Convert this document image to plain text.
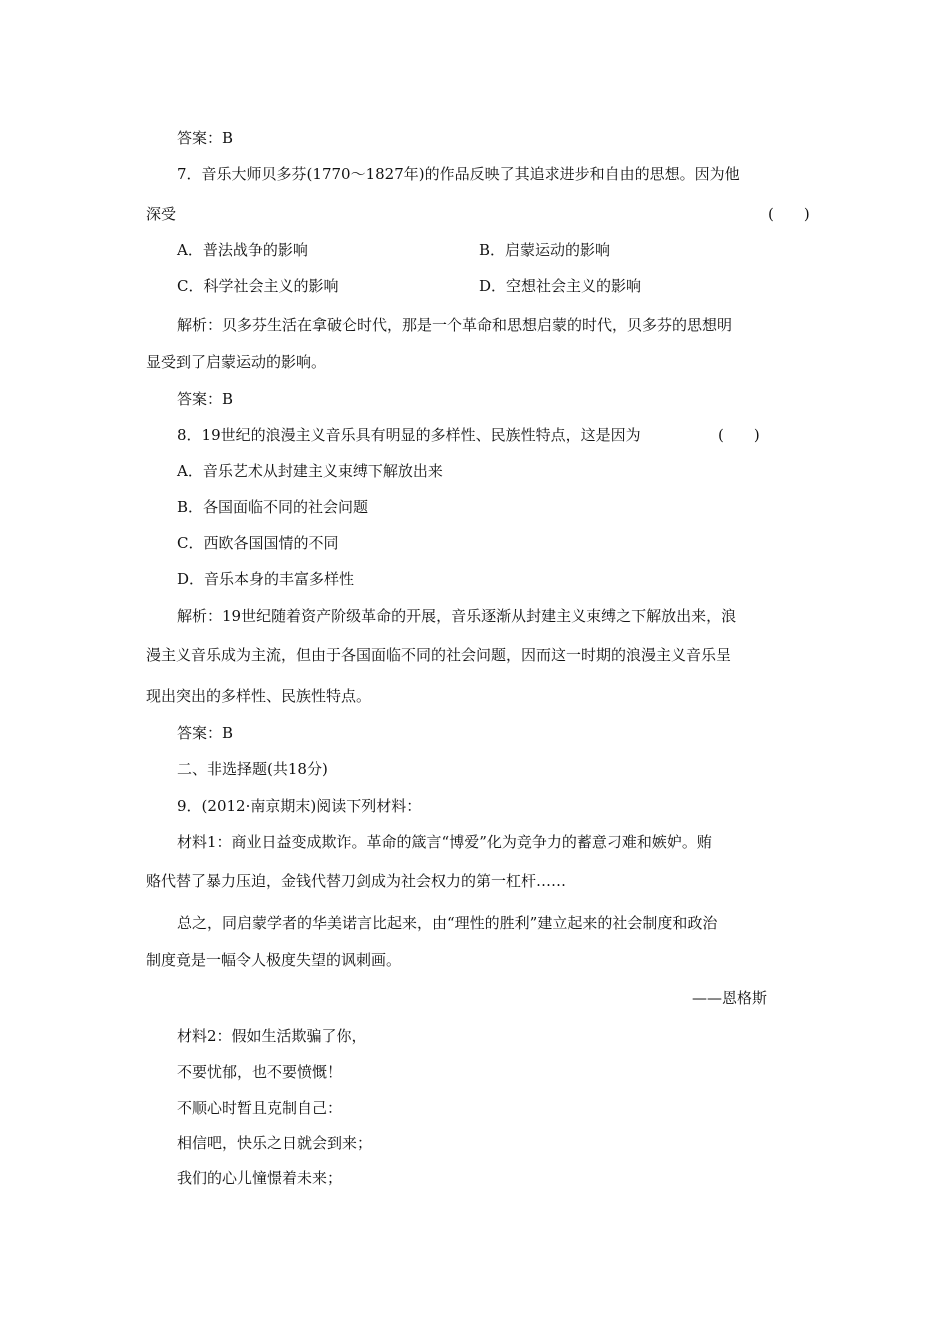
答案：B
7．音乐大师贝多芬(1770～1827年)的作品反映了其追求进步和自由的思想。因为他
深受	(　　)
A．普法战争的影响	B．启蒙运动的影响
C．科学社会主义的影响	D．空想社会主义的影响
解析：贝多芬生活在拿破仑时代，那是一个革命和思想启蒙的时代，贝多芬的思想明
显受到了启蒙运动的影响。
答案：B
8．19世纪的浪漫主义音乐具有明显的多样性、民族性特点，这是因为	(　　)
A．音乐艺术从封建主义束缚下解放出来
B．各国面临不同的社会问题
C．西欧各国国情的不同
D．音乐本身的丰富多样性
解析：19世纪随着资产阶级革命的开展，音乐逐渐从封建主义束缚之下解放出来，浪
漫主义音乐成为主流，但由于各国面临不同的社会问题，因而这一时期的浪漫主义音乐呈
现出突出的多样性、民族性特点。
答案：B
二、非选择题(共18分)
9．(2012·南京期末)阅读下列材料：
材料1：商业日益变成欺诈。革命的箴言“博爱”化为竞争力的蓄意刁难和嫉妒。贿
赂代替了暴力压迫，金钱代替刀剑成为社会权力的第一杠杆……
总之，同启蒙学者的华美诺言比起来，由“理性的胜利”建立起来的社会制度和政治
制度竟是一幅令人极度失望的讽刺画。
——恩格斯
材料2：假如生活欺骗了你，
不要忧郁，也不要愤慨！
不顺心时暂且克制自己：
相信吧，快乐之日就会到来；
我们的心儿憧憬着未来；
